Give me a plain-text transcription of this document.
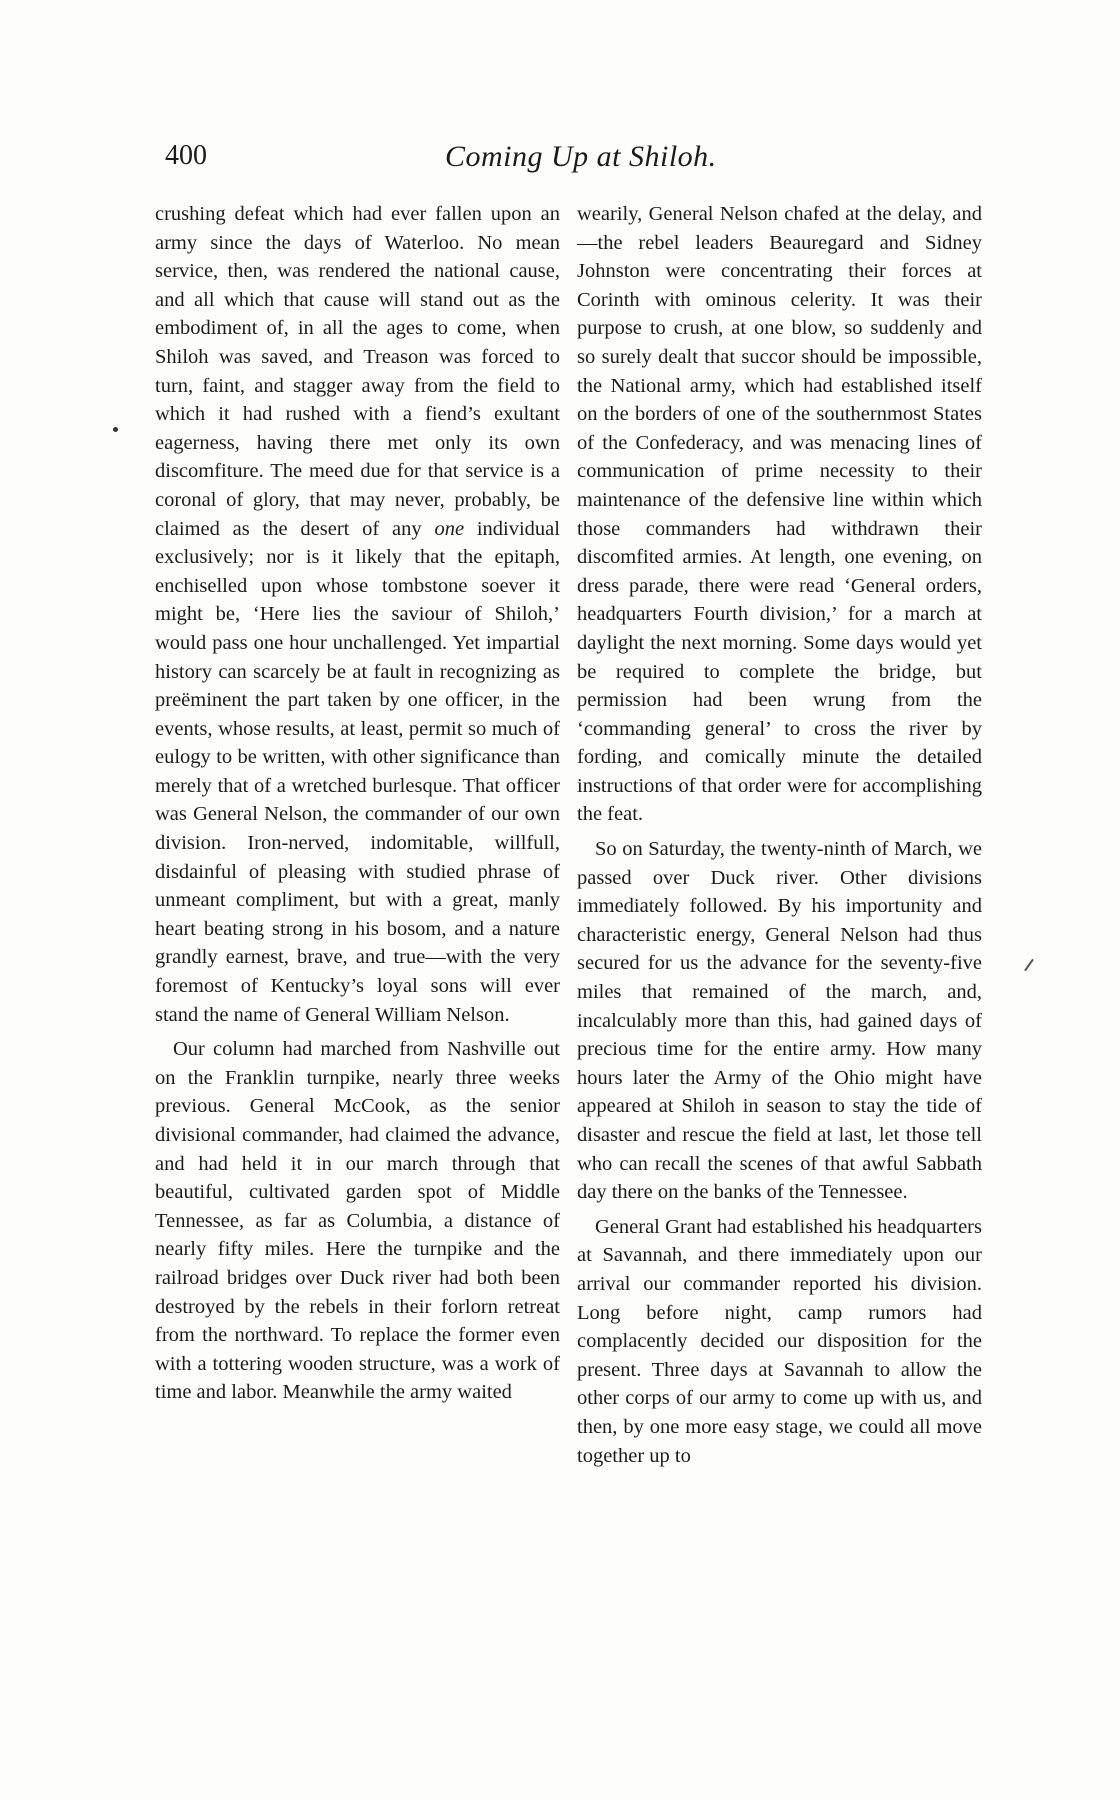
400	Coming Up at Shiloh.

crushing defeat which had ever fallen upon an army since the days of Waterloo. No mean service, then, was rendered the national cause, and all which that cause will stand out as the embodiment of, in all the ages to come, when Shiloh was saved, and Treason was forced to turn, faint, and stagger away from the field to which it had rushed with a fiend’s exultant eagerness, having there met only its own discomfiture. The meed due for that service is a coronal of glory, that may never, probably, be claimed as the desert of any one individual exclusively; nor is it likely that the epitaph, enchiselled upon whose tombstone soever it might be, ‘Here lies the saviour of Shiloh,’ would pass one hour unchallenged. Yet impartial history can scarcely be at fault in recognizing as preëminent the part taken by one officer, in the events, whose results, at least, permit so much of eulogy to be written, with other significance than merely that of a wretched burlesque. That officer was General Nelson, the commander of our own division. Iron-nerved, indomitable, willfull, disdainful of pleasing with studied phrase of unmeant compliment, but with a great, manly heart beating strong in his bosom, and a nature grandly earnest, brave, and true—with the very foremost of Kentucky’s loyal sons will ever stand the name of General William Nelson.

Our column had marched from Nashville out on the Franklin turnpike, nearly three weeks previous. General McCook, as the senior divisional commander, had claimed the advance, and had held it in our march through that beautiful, cultivated garden spot of Middle Tennessee, as far as Columbia, a distance of nearly fifty miles. Here the turnpike and the railroad bridges over Duck river had both been destroyed by the rebels in their forlorn retreat from the northward. To replace the former even with a tottering wooden structure, was a work of time and labor. Meanwhile the army waited

wearily, General Nelson chafed at the delay, and—the rebel leaders Beauregard and Sidney Johnston were concentrating their forces at Corinth with ominous celerity. It was their purpose to crush, at one blow, so suddenly and so surely dealt that succor should be impossible, the National army, which had established itself on the borders of one of the southernmost States of the Confederacy, and was menacing lines of communication of prime necessity to their maintenance of the defensive line within which those commanders had withdrawn their discomfited armies. At length, one evening, on dress parade, there were read ‘General orders, headquarters Fourth division,’ for a march at daylight the next morning. Some days would yet be required to complete the bridge, but permission had been wrung from the ‘commanding general’ to cross the river by fording, and comically minute the detailed instructions of that order were for accomplishing the feat.

So on Saturday, the twenty-ninth of March, we passed over Duck river. Other divisions immediately followed. By his importunity and characteristic energy, General Nelson had thus secured for us the advance for the seventy-five miles that remained of the march, and, incalculably more than this, had gained days of precious time for the entire army. How many hours later the Army of the Ohio might have appeared at Shiloh in season to stay the tide of disaster and rescue the field at last, let those tell who can recall the scenes of that awful Sabbath day there on the banks of the Tennessee.

General Grant had established his headquarters at Savannah, and there immediately upon our arrival our commander reported his division. Long before night, camp rumors had complacently decided our disposition for the present. Three days at Savannah to allow the other corps of our army to come up with us, and then, by one more easy stage, we could all move together up to
